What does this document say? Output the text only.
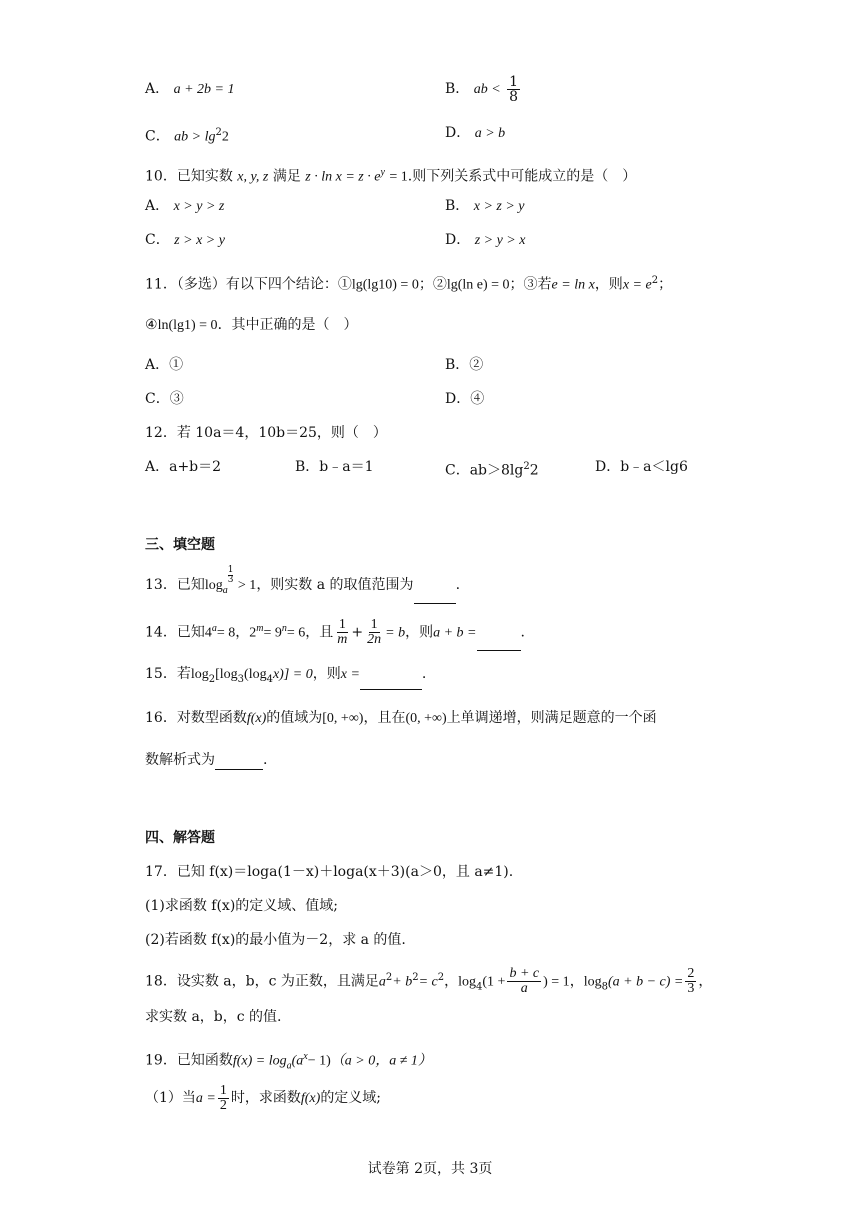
A． a + 2b = 1	B． ab < $\frac{1}{8}$
C． ab > $\lg^22$	D． a > b
10．已知实数 x, y, z 满足 $z \cdot \ln x = z \cdot e^y = 1$.则下列关系式中可能成立的是（　）
A． x > y > z	B． x > z > y
C． z > x > y	D． z > y > x
11．（多选）有以下四个结论：①lg(lg10) = 0；②lg(ln e) = 0；③若e = ln x，则$x = e^2$；
④ln(lg1) = 0．其中正确的是（　）
A．①	B．②
C．③	D．④
12．若 10a＝4，10b＝25，则（　）
A．a+b＝2	B．b﹣a＝1	C．$ab>8\lg^22$	D．b﹣a＜lg6
三、填空题
13．已知$\log_a$
$\frac{1}{3}$
> 1，则实数 a 的取值范围为	.
14．已知$4^a= 8$，$2^m= 9^n= 6$，且 $\frac{1}{m} + \frac{1}{2n} = b$，则a + b =	.
15．若$\log_2[\log_3(\log_4x)] = 0$，则x =	.
16．对数型函数f(x)的值域为[0, +∞)，且在(0, +∞)上单调递增，则满足题意的一个函
数解析式为	.
四、解答题
17．已知 f(x)＝loga(1－x)＋loga(x＋3)(a＞0，且 a≠1).
(1)求函数 f(x)的定义域、值域;
(2)若函数 f(x)的最小值为－2，求 a 的值.
18．设实数 a，b，c 为正数，且满足$a^2+ b^2= c^2$，$\log_4(1 + \frac{b + c}{a}$ ) = 1，$\log_8(a + b - c) = \frac{2}{3}$ ，
求实数 a，b，c 的值.
19．已知函数$f(x) = \log_a(a^x- 1)(a > 0$，a ≠ 1）
（1）当$a = \frac{1}{2}$ 时，求函数f(x)的定义域;
试卷第 2页，共 3页
